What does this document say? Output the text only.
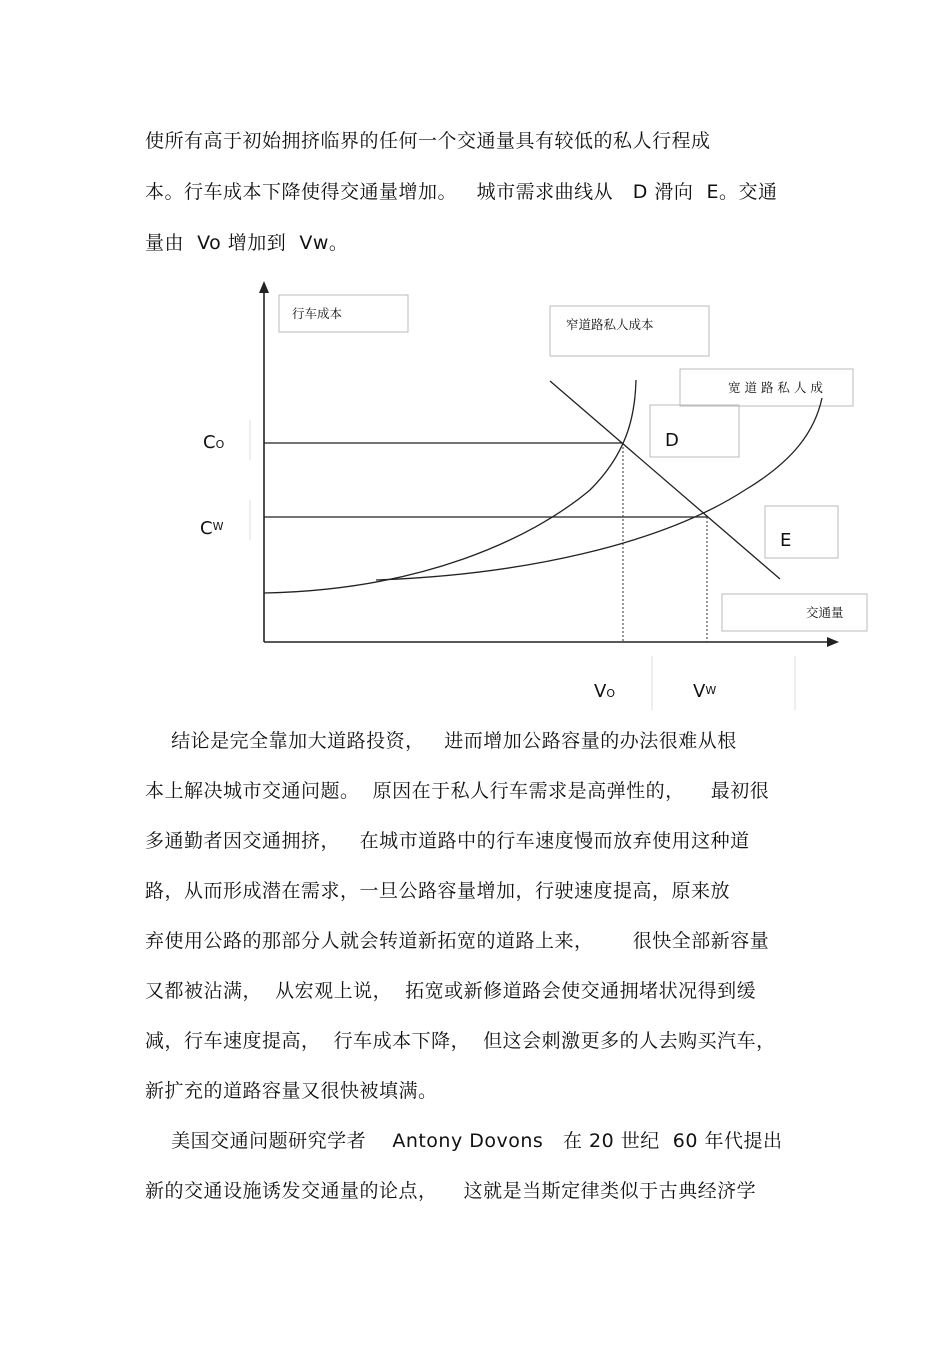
使所有高于初始拥挤临界的任何一个交通量具有较低的私人行程成
本。行车成本下降使得交通量增加。   城市需求曲线从   D 滑向  E。交通
量由  Vo 增加到  Vw。
行车成本
窄道路私人成本
宽 道 路 私 人 成
D
E
交通量
CO
$C^W$
VO	VW
结论是完全靠加大道路投资，   进而增加公路容量的办法很难从根
本上解决城市交通问题。  原因在于私人行车需求是高弹性的，    最初很
多通勤者因交通拥挤，   在城市道路中的行车速度慢而放弃使用这种道
路，从而形成潜在需求，一旦公路容量增加，行驶速度提高，原来放
弃使用公路的那部分人就会转道新拓宽的道路上来，      很快全部新容量
又都被沾满，  从宏观上说，  拓宽或新修道路会使交通拥堵状况得到缓
减，行车速度提高，  行车成本下降，  但这会刺激更多的人去购买汽车，
新扩充的道路容量又很快被填满。
美国交通问题研究学者    Antony Dovons   在 20 世纪  60 年代提出
新的交通设施诱发交通量的论点，    这就是当斯定律类似于古典经济学
